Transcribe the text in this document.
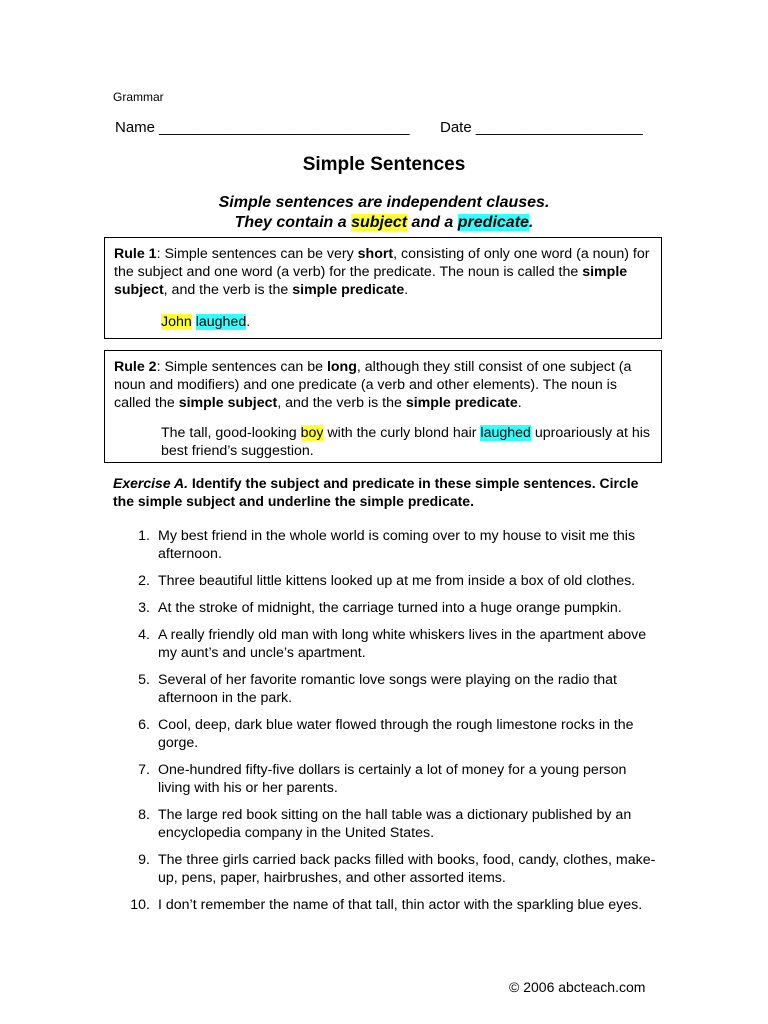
Grammar
Name ______________________________ Date ____________________
Simple Sentences
Simple sentences are independent clauses.
They contain a subject and a predicate.

Rule 1: Simple sentences can be very short, consisting of only one word (a noun) for the subject and one word (a verb) for the predicate. The noun is called the simple subject, and the verb is the simple predicate.

John laughed.

Rule 2: Simple sentences can be long, although they still consist of one subject (a noun and modifiers) and one predicate (a verb and other elements). The noun is called the simple subject, and the verb is the simple predicate.

The tall, good-looking boy with the curly blond hair laughed uproariously at his best friend’s suggestion.

Exercise A. Identify the subject and predicate in these simple sentences. Circle the simple subject and underline the simple predicate.
1. My best friend in the whole world is coming over to my house to visit me this afternoon.
2. Three beautiful little kittens looked up at me from inside a box of old clothes.
3. At the stroke of midnight, the carriage turned into a huge orange pumpkin.
4. A really friendly old man with long white whiskers lives in the apartment above my aunt’s and uncle’s apartment.
5. Several of her favorite romantic love songs were playing on the radio that afternoon in the park.
6. Cool, deep, dark blue water flowed through the rough limestone rocks in the gorge.
7. One-hundred fifty-five dollars is certainly a lot of money for a young person living with his or her parents.
8. The large red book sitting on the hall table was a dictionary published by an encyclopedia company in the United States.
9. The three girls carried back packs filled with books, food, candy, clothes, make-up, pens, paper, hairbrushes, and other assorted items.
10. I don’t remember the name of that tall, thin actor with the sparkling blue eyes.
© 2006 abcteach.com
